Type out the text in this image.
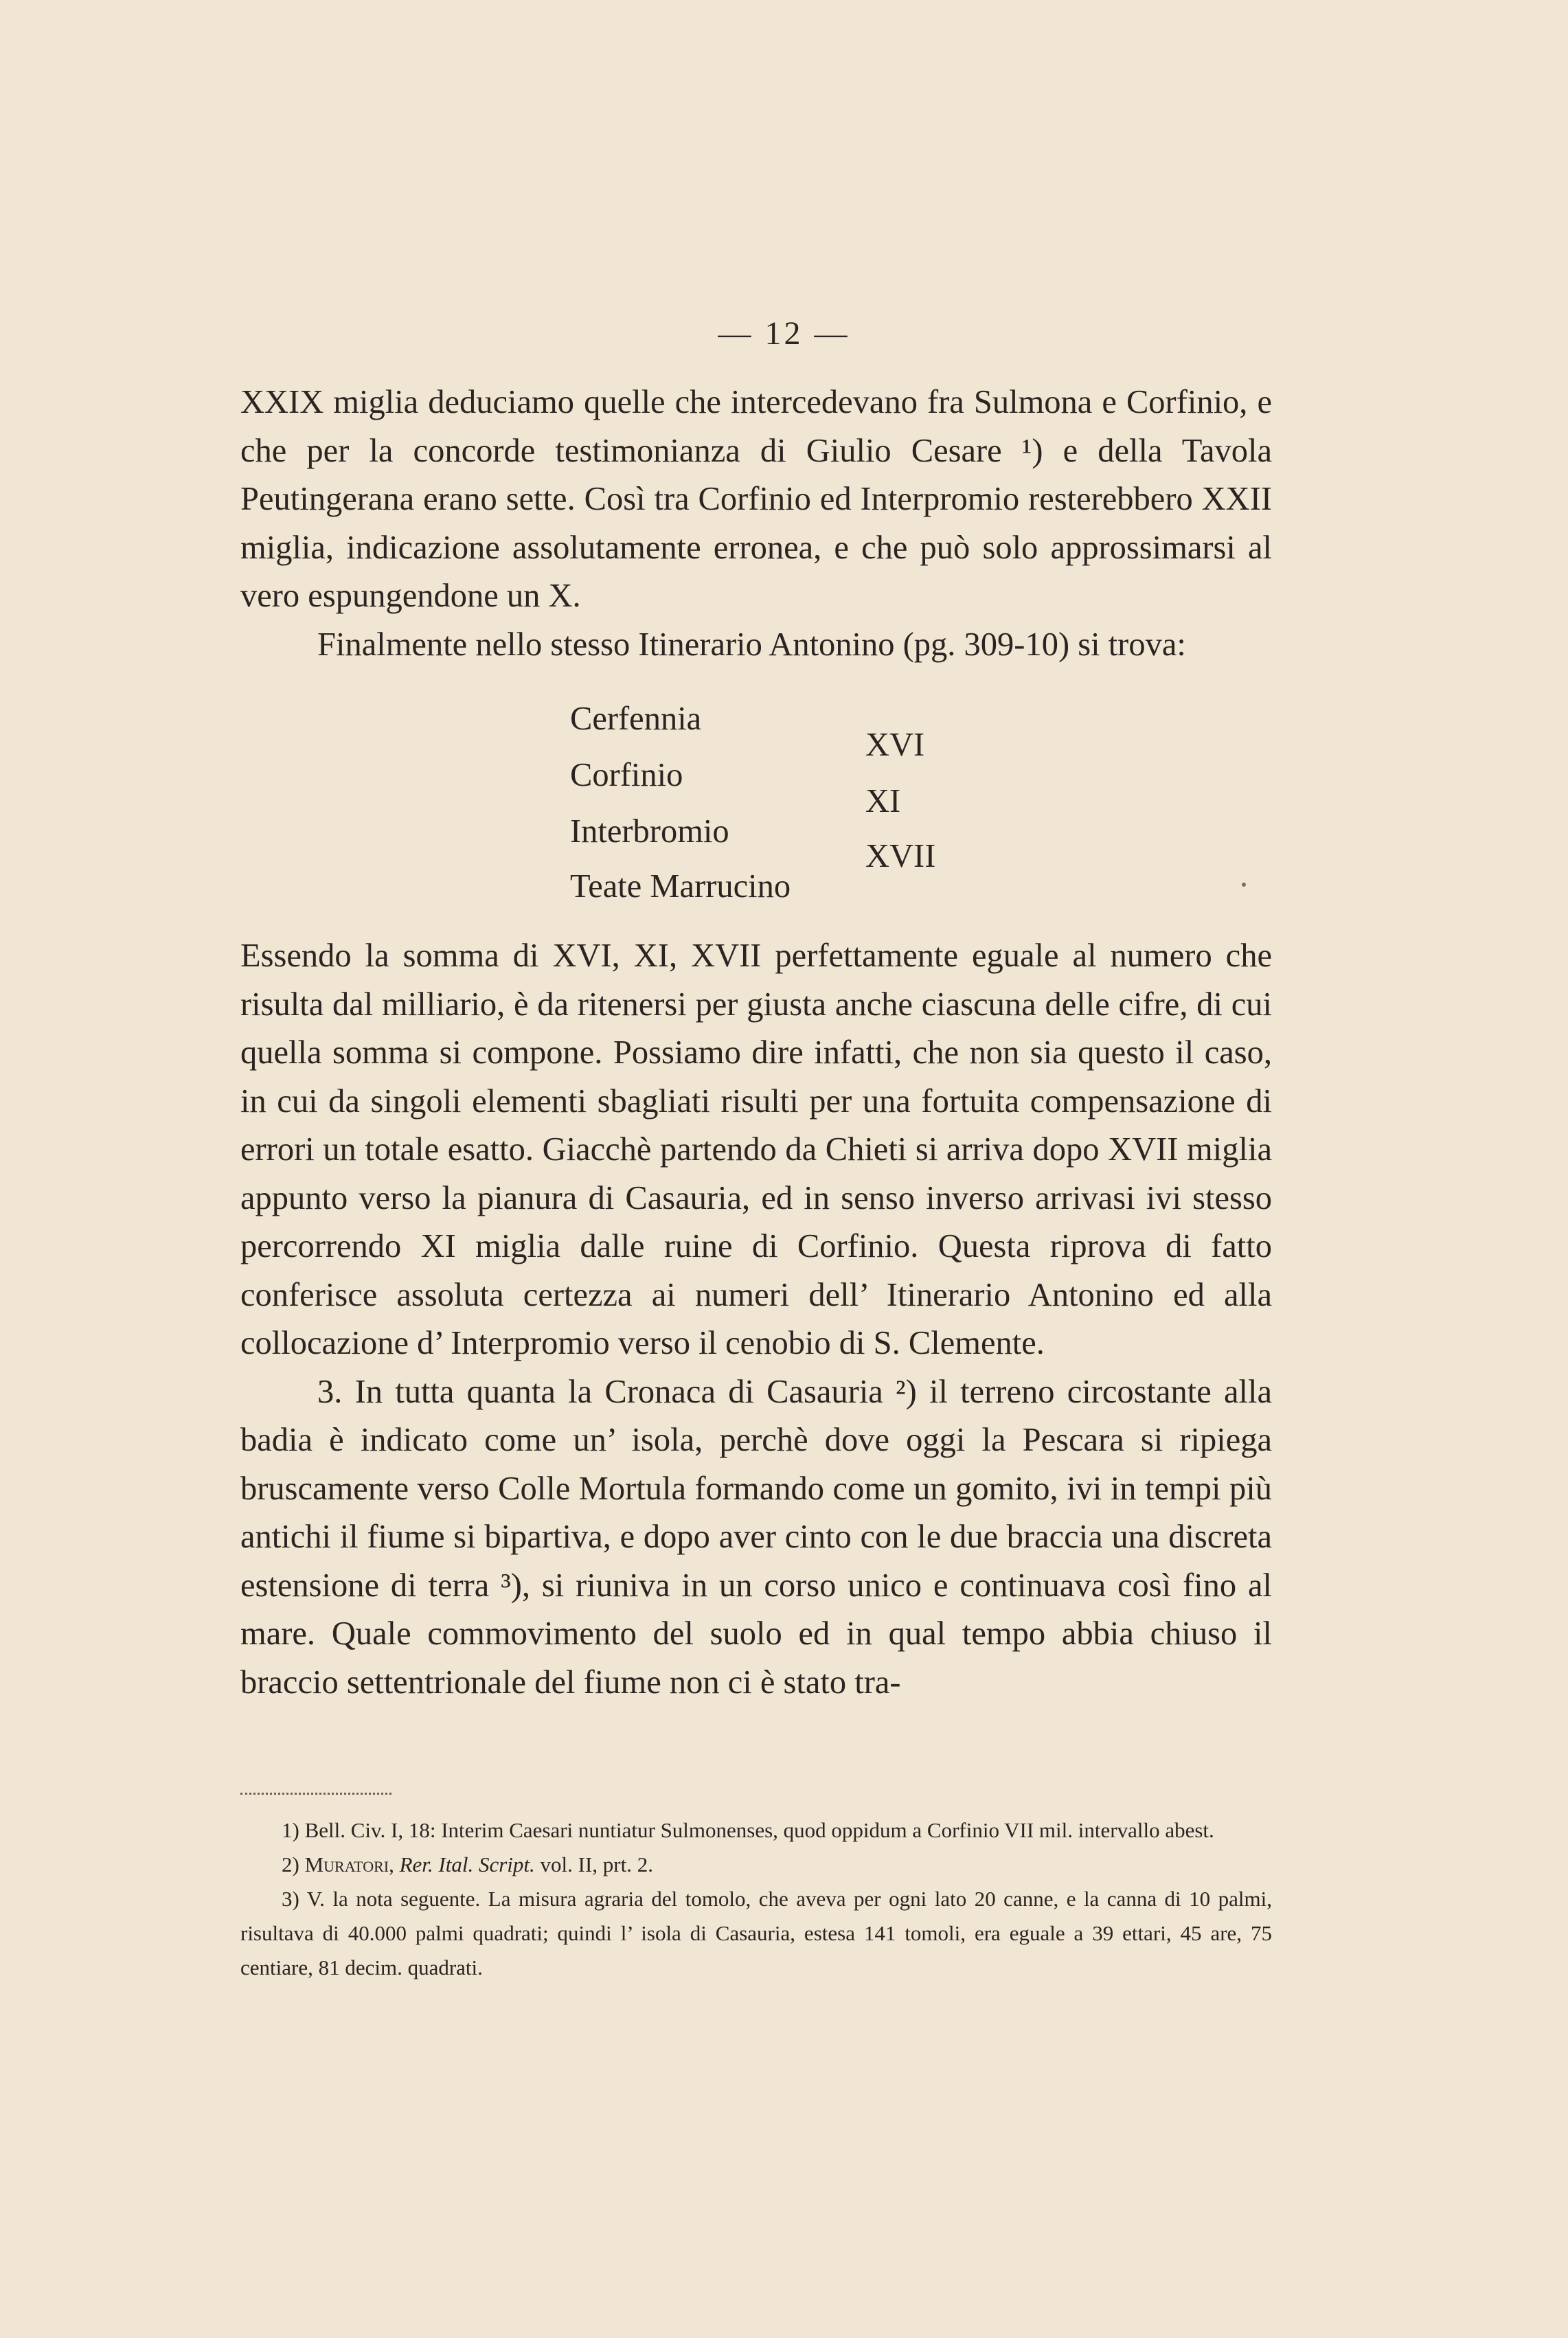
— 12 —

XXIX miglia deduciamo quelle che intercedevano fra Sulmona e Corfinio, e che per la concorde testimonianza di Giulio Cesare ¹) e della Tavola Peutingerana erano sette. Così tra Corfinio ed Interpromio resterebbero XXII miglia, indicazione assolutamente erronea, e che può solo approssimarsi al vero espungendone un X.

Finalmente nello stesso Itinerario Antonino (pg. 309-10) si trova:

Cerfennia
Corfinio
Interbromio
Teate Marrucino
XVI
XI
XVII

Essendo la somma di XVI, XI, XVII perfettamente eguale al numero che risulta dal milliario, è da ritenersi per giusta anche ciascuna delle cifre, di cui quella somma si compone. Possiamo dire infatti, che non sia questo il caso, in cui da singoli elementi sbagliati risulti per una fortuita compensazione di errori un totale esatto. Giacchè partendo da Chieti si arriva dopo XVII miglia appunto verso la pianura di Casauria, ed in senso inverso arrivasi ivi stesso percorrendo XI miglia dalle ruine di Corfinio. Questa riprova di fatto conferisce assoluta certezza ai numeri dell’ Itinerario Antonino ed alla collocazione d’ Interpromio verso il cenobio di S. Clemente.

3. In tutta quanta la Cronaca di Casauria ²) il terreno circostante alla badia è indicato come un’ isola, perchè dove oggi la Pescara si ripiega bruscamente verso Colle Mortula formando come un gomito, ivi in tempi più antichi il fiume si bipartiva, e dopo aver cinto con le due braccia una discreta estensione di terra ³), si riuniva in un corso unico e continuava così fino al mare. Quale commovimento del suolo ed in qual tempo abbia chiuso il braccio settentrionale del fiume non ci è stato tra-

1) Bell. Civ. I, 18: Interim Caesari nuntiatur Sulmonenses, quod oppidum a Corfinio VII mil. intervallo abest.

2) Muratori, Rer. Ital. Script. vol. II, prt. 2.

3) V. la nota seguente. La misura agraria del tomolo, che aveva per ogni lato 20 canne, e la canna di 10 palmi, risultava di 40.000 palmi quadrati; quindi l’ isola di Casauria, estesa 141 tomoli, era eguale a 39 ettari, 45 are, 75 centiare, 81 decim. quadrati.
